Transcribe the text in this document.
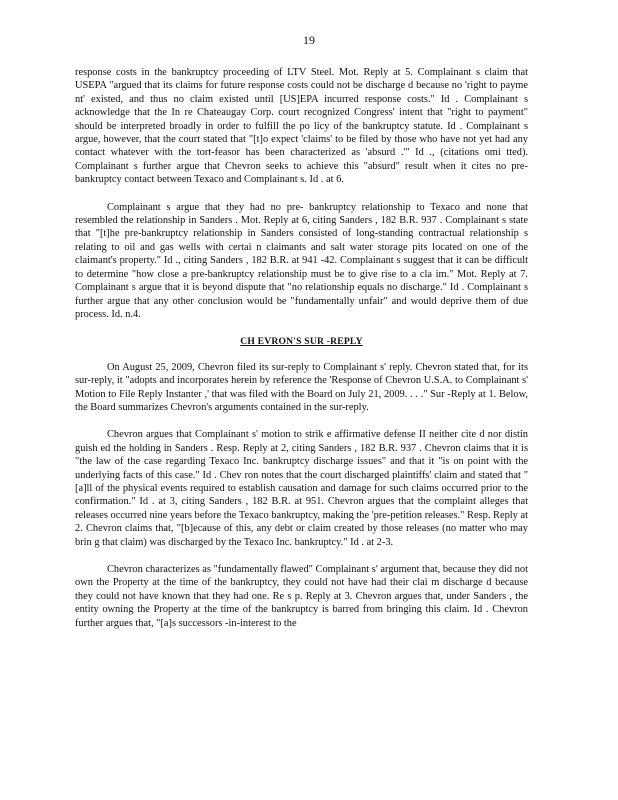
19

response costs in the bankruptcy proceeding of LTV Steel. Mot. Reply at 5. Complainant s claim that USEPA "argued that its claims for future response costs could not be discharge d because no 'right to payme nt' existed, and thus no claim existed until [US]EPA incurred response costs." Id . Complainant s acknowledge that the In re Chateaugay Corp. court recognized Congress' intent that "right to payment" should be interpreted broadly in order to fulfill the po licy of the bankruptcy statute. Id . Complainant s argue, however, that the court stated that "[t]o expect 'claims' to be filed by those who have not yet had any contact whatever with the tort-feasor has been characterized as 'absurd .'" Id ., (citations omi tted). Complainant s further argue that Chevron seeks to achieve this "absurd" result when it cites no pre-bankruptcy contact between Texaco and Complainant s. Id . at 6.

Complainant s argue that they had no pre- bankruptcy relationship to Texaco and none that resembled the relationship in Sanders . Mot. Reply at 6, citing Sanders , 182 B.R. 937 . Complainant s state that "[t]he pre-bankruptcy relationship in Sanders consisted of long-standing contractual relationship s relating to oil and gas wells with certai n claimants and salt water storage pits located on one of the claimant's property." Id ., citing Sanders , 182 B.R. at 941 -42. Complainant s suggest that it can be difficult to determine "how close a pre-bankruptcy relationship must be to give rise to a cla im." Mot. Reply at 7. Complainant s argue that it is beyond dispute that "no relationship equals no discharge." Id . Complainant s further argue that any other conclusion would be "fundamentally unfair" and would deprive them of due process. Id. n.4.

CH EVRON'S SUR -REPLY

On August 25, 2009, Chevron filed its sur-reply to Complainant s' reply. Chevron stated that, for its sur-reply, it "adopts and incorporates herein by reference the 'Response of Chevron U.S.A. to Complainant s' Motion to File Reply Instanter ,' that was filed with the Board on July 21, 2009. . . ." Sur -Reply at 1. Below, the Board summarizes Chevron's arguments contained in the sur-reply.

Chevron argues that Complainant s' motion to strik e affirmative defense II neither cite d nor distin guish ed the holding in Sanders . Resp. Reply at 2, citing Sanders , 182 B.R. 937 . Chevron claims that it is "the law of the case regarding Texaco Inc. bankruptcy discharge issues" and that it "is on point with the underlying facts of this case." Id . Chev ron notes that the court discharged plaintiffs' claim and stated that "[a]ll of the physical events required to establish causation and damage for such claims occurred prior to the confirmation." Id . at 3, citing Sanders , 182 B.R. at 951. Chevron argues that the complaint alleges that releases occurred nine years before the Texaco bankruptcy, making the 'pre-petition releases." Resp. Reply at 2. Chevron claims that, "[b]ecause of this, any debt or claim created by those releases (no matter who may brin g that claim) was discharged by the Texaco Inc. bankruptcy." Id . at 2-3.

Chevron characterizes as "fundamentally flawed" Complainant s' argument that, because they did not own the Property at the time of the bankruptcy, they could not have had their clai m discharge d because they could not have known that they had one. Re s p. Reply at 3. Chevron argues that, under Sanders , the entity owning the Property at the time of the bankruptcy is barred from bringing this claim. Id . Chevron further argues that, "[a]s successors -in-interest to the
